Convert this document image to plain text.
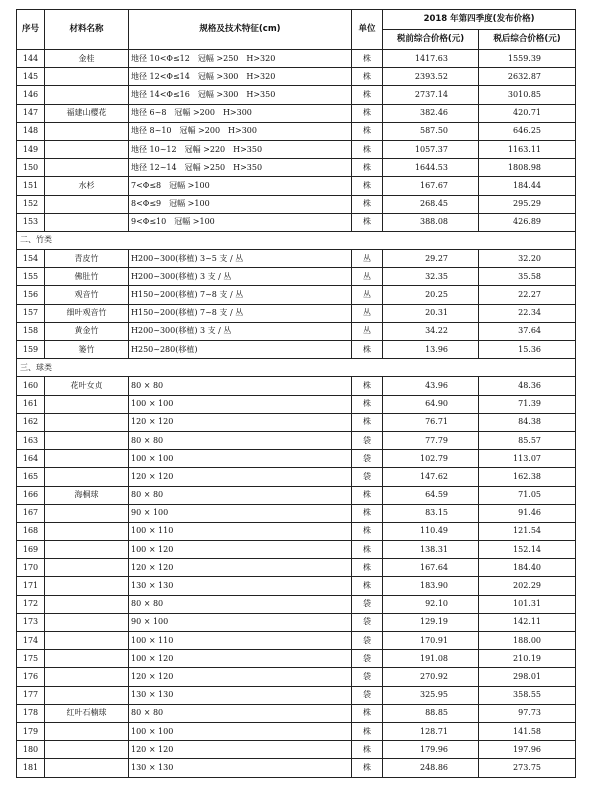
序号	材料名称	规格及技术特征(cm)	单位	2018 年第四季度(发布价格)	
				税前综合价格(元)	税后综合价格(元)
144	金桂	地径 10<Φ≤12　冠幅 >250　H>320	株	1417.63	1559.39
145		地径 12<Φ≤14　冠幅 >300　H>320	株	2393.52	2632.87
146		地径 14<Φ≤16　冠幅 >300　H>350	株	2737.14	3010.85
147	福建山樱花	地径 6~8　冠幅 >200　H>300	株	382.46	420.71
148		地径 8~10　冠幅 >200　H>300	株	587.50	646.25
149		地径 10~12　冠幅 >220　H>350	株	1057.37	1163.11
150		地径 12~14　冠幅 >250　H>350	株	1644.53	1808.98
151	水杉	7<Φ≤8　冠幅 >100	株	167.67	184.44
152		8<Φ≤9　冠幅 >100	株	268.45	295.29
153		9<Φ≤10　冠幅 >100	株	388.08	426.89
二、竹类					
154	青皮竹	H200~300(移植) 3~5 支 / 丛	丛	29.27	32.20
155	佛肚竹	H200~300(移植) 3 支 / 丛	丛	32.35	35.58
156	观音竹	H150~200(移植) 7~8 支 / 丛	丛	20.25	22.27
157	细叶观音竹	H150~200(移植) 7~8 支 / 丛	丛	20.31	22.34
158	黄金竹	H200~300(移植) 3 支 / 丛	丛	34.22	37.64
159	篓竹	H250~280(移植)	株	13.96	15.36
三、球类					
160	花叶女贞	80 × 80	株	43.96	48.36
161		100 × 100	株	64.90	71.39
162		120 × 120	株	76.71	84.38
163		80 × 80	袋	77.79	85.57
164		100 × 100	袋	102.79	113.07
165		120 × 120	袋	147.62	162.38
166	海桐球	80 × 80	株	64.59	71.05
167		90 × 100	株	83.15	91.46
168		100 × 110	株	110.49	121.54
169		100 × 120	株	138.31	152.14
170		120 × 120	株	167.64	184.40
171		130 × 130	株	183.90	202.29
172		80 × 80	袋	92.10	101.31
173		90 × 100	袋	129.19	142.11
174		100 × 110	袋	170.91	188.00
175		100 × 120	袋	191.08	210.19
176		120 × 120	袋	270.92	298.01
177		130 × 130	袋	325.95	358.55
178	红叶石楠球	80 × 80	株	88.85	97.73
179		100 × 100	株	128.71	141.58
180		120 × 120	株	179.96	197.96
181		130 × 130	株	248.86	273.75
